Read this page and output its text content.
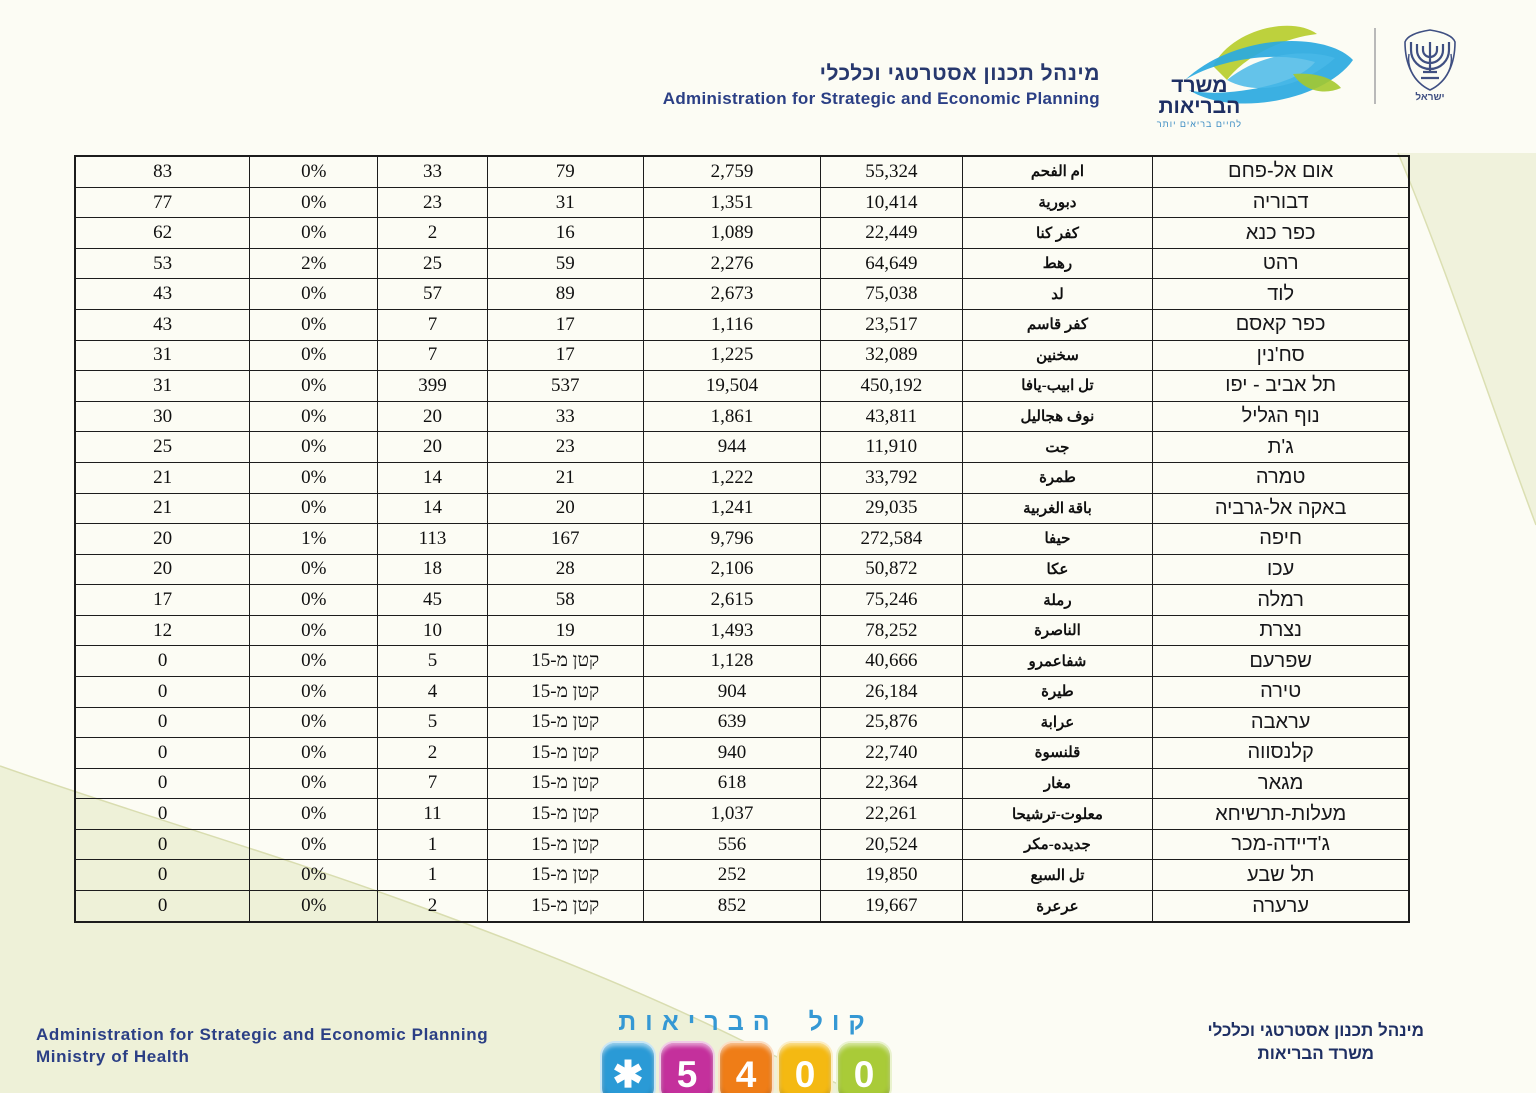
מינהל תכנון אסטרטגי וכלכלי
Administration for Strategic and Economic Planning
משרד
הבריאות
לחיים בריאים יותר
ישראל
83	0%	33	79	2,759	55,324	ام الفحم	אום אל-פחם
77	0%	23	31	1,351	10,414	دبورية	דבוריה
62	0%	2	16	1,089	22,449	كفر كنا	כפר כנא
53	2%	25	59	2,276	64,649	رهط	רהט
43	0%	57	89	2,673	75,038	لد	לוד
43	0%	7	17	1,116	23,517	كفر قاسم	כפר קאסם
31	0%	7	17	1,225	32,089	سخنين	סח'נין
31	0%	399	537	19,504	450,192	تل ابيب-يافا	תל אביב - יפו
30	0%	20	33	1,861	43,811	نوف هجاليل	נוף הגליל
25	0%	20	23	944	11,910	جت	ג'ת
21	0%	14	21	1,222	33,792	طمرة	טמרה
21	0%	14	20	1,241	29,035	باقة الغربية	באקה אל-גרביה
20	1%	113	167	9,796	272,584	حيفا	חיפה
20	0%	18	28	2,106	50,872	عكا	עכו
17	0%	45	58	2,615	75,246	رملة	רמלה
12	0%	10	19	1,493	78,252	الناصرة	נצרת
0	0%	5	קטן מ-15	1,128	40,666	شفاعمرو	שפרעם
0	0%	4	קטן מ-15	904	26,184	طيرة	טירה
0	0%	5	קטן מ-15	639	25,876	عرابة	עראבה
0	0%	2	קטן מ-15	940	22,740	قلنسوة	קלנסווה
0	0%	7	קטן מ-15	618	22,364	مغار	מגאר
0	0%	11	קטן מ-15	1,037	22,261	معلوت-ترشيحا	מעלות-תרשיחא
0	0%	1	קטן מ-15	556	20,524	جديده-مكر	ג'דיידה-מכר
0	0%	1	קטן מ-15	252	19,850	تل السبع	תל שבע
0	0%	2	קטן מ-15	852	19,667	عرعرة	ערערה
Administration for Strategic and Economic Planning
Ministry of Health
קול הבריאות
✱ 5 4 0 0
מינהל תכנון אסטרטגי וכלכלי
משרד הבריאות
